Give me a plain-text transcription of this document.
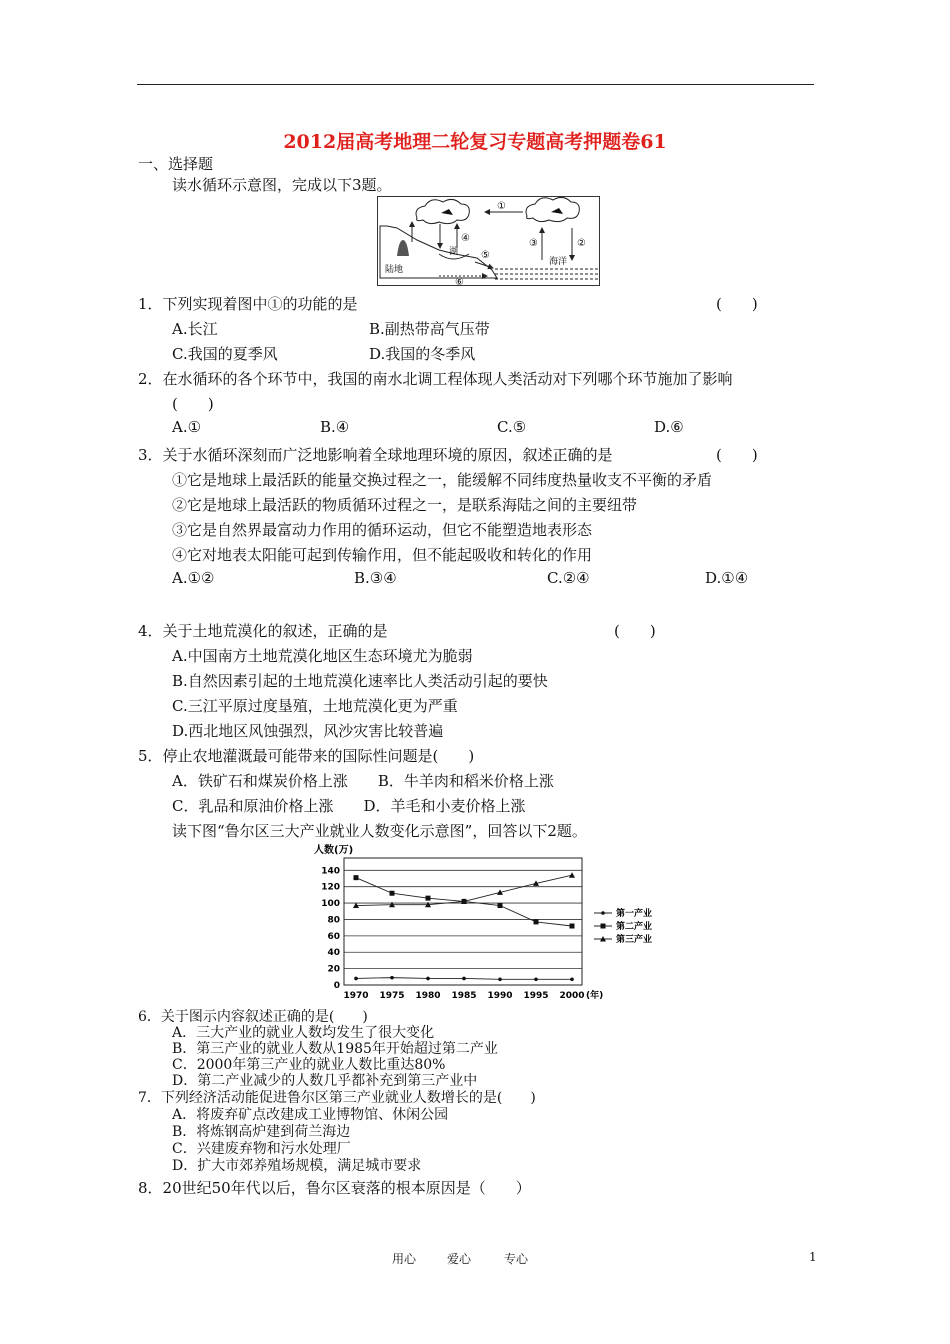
2012届高考地理二轮复习专题高考押题卷61
一、选择题
读水循环示意图，完成以下3题。
①
湖
陆地
海洋
④	③	②
⑤
⑥
1．下列实现着图中①的功能的是	(　　)
A.长江	B.副热带高气压带
C.我国的夏季风	D.我国的冬季风
2．在水循环的各个环节中，我国的南水北调工程体现人类活动对下列哪个环节施加了影响
(　　)
A.①	B.④	C.⑤	D.⑥
3．关于水循环深刻而广泛地影响着全球地理环境的原因，叙述正确的是	(　　)
①它是地球上最活跃的能量交换过程之一，能缓解不同纬度热量收支不平衡的矛盾
②它是地球上最活跃的物质循环过程之一，是联系海陆之间的主要纽带
③它是自然界最富动力作用的循环运动，但它不能塑造地表形态
④它对地表太阳能可起到传输作用，但不能起吸收和转化的作用
A.①②	B.③④	C.②④	D.①④
4．关于土地荒漠化的叙述，正确的是	(　　)
A.中国南方土地荒漠化地区生态环境尤为脆弱
B.自然因素引起的土地荒漠化速率比人类活动引起的要快
C.三江平原过度垦殖，土地荒漠化更为严重
D.西北地区风蚀强烈，风沙灾害比较普遍
5．停止农地灌溉最可能带来的国际性问题是(　　)
A．铁矿石和煤炭价格上涨　　B．牛羊肉和稻米价格上涨
C．乳品和原油价格上涨　　D．羊毛和小麦价格上涨
读下图“鲁尔区三大产业就业人数变化示意图”，回答以下2题。
人数(万)
0
20
40
60
80
100
120
140
1970 1975 1980 1985 1990 1995 2000 (年)
第一产业
第二产业
第三产业
6．关于图示内容叙述正确的是(　　)
A．三大产业的就业人数均发生了很大变化
B．第三产业的就业人数从1985年开始超过第二产业
C．2000年第三产业的就业人数比重达80%
D．第二产业减少的人数几乎都补充到第三产业中
7．下列经济活动能促进鲁尔区第三产业就业人数增长的是(　　)
A．将废弃矿点改建成工业博物馆、休闲公园
B．将炼钢高炉建到荷兰海边
C．兴建废弃物和污水处理厂
D．扩大市郊养殖场规模，满足城市要求
8．20世纪50年代以后，鲁尔区衰落的根本原因是（　　）
用心	爱心	专心	1
